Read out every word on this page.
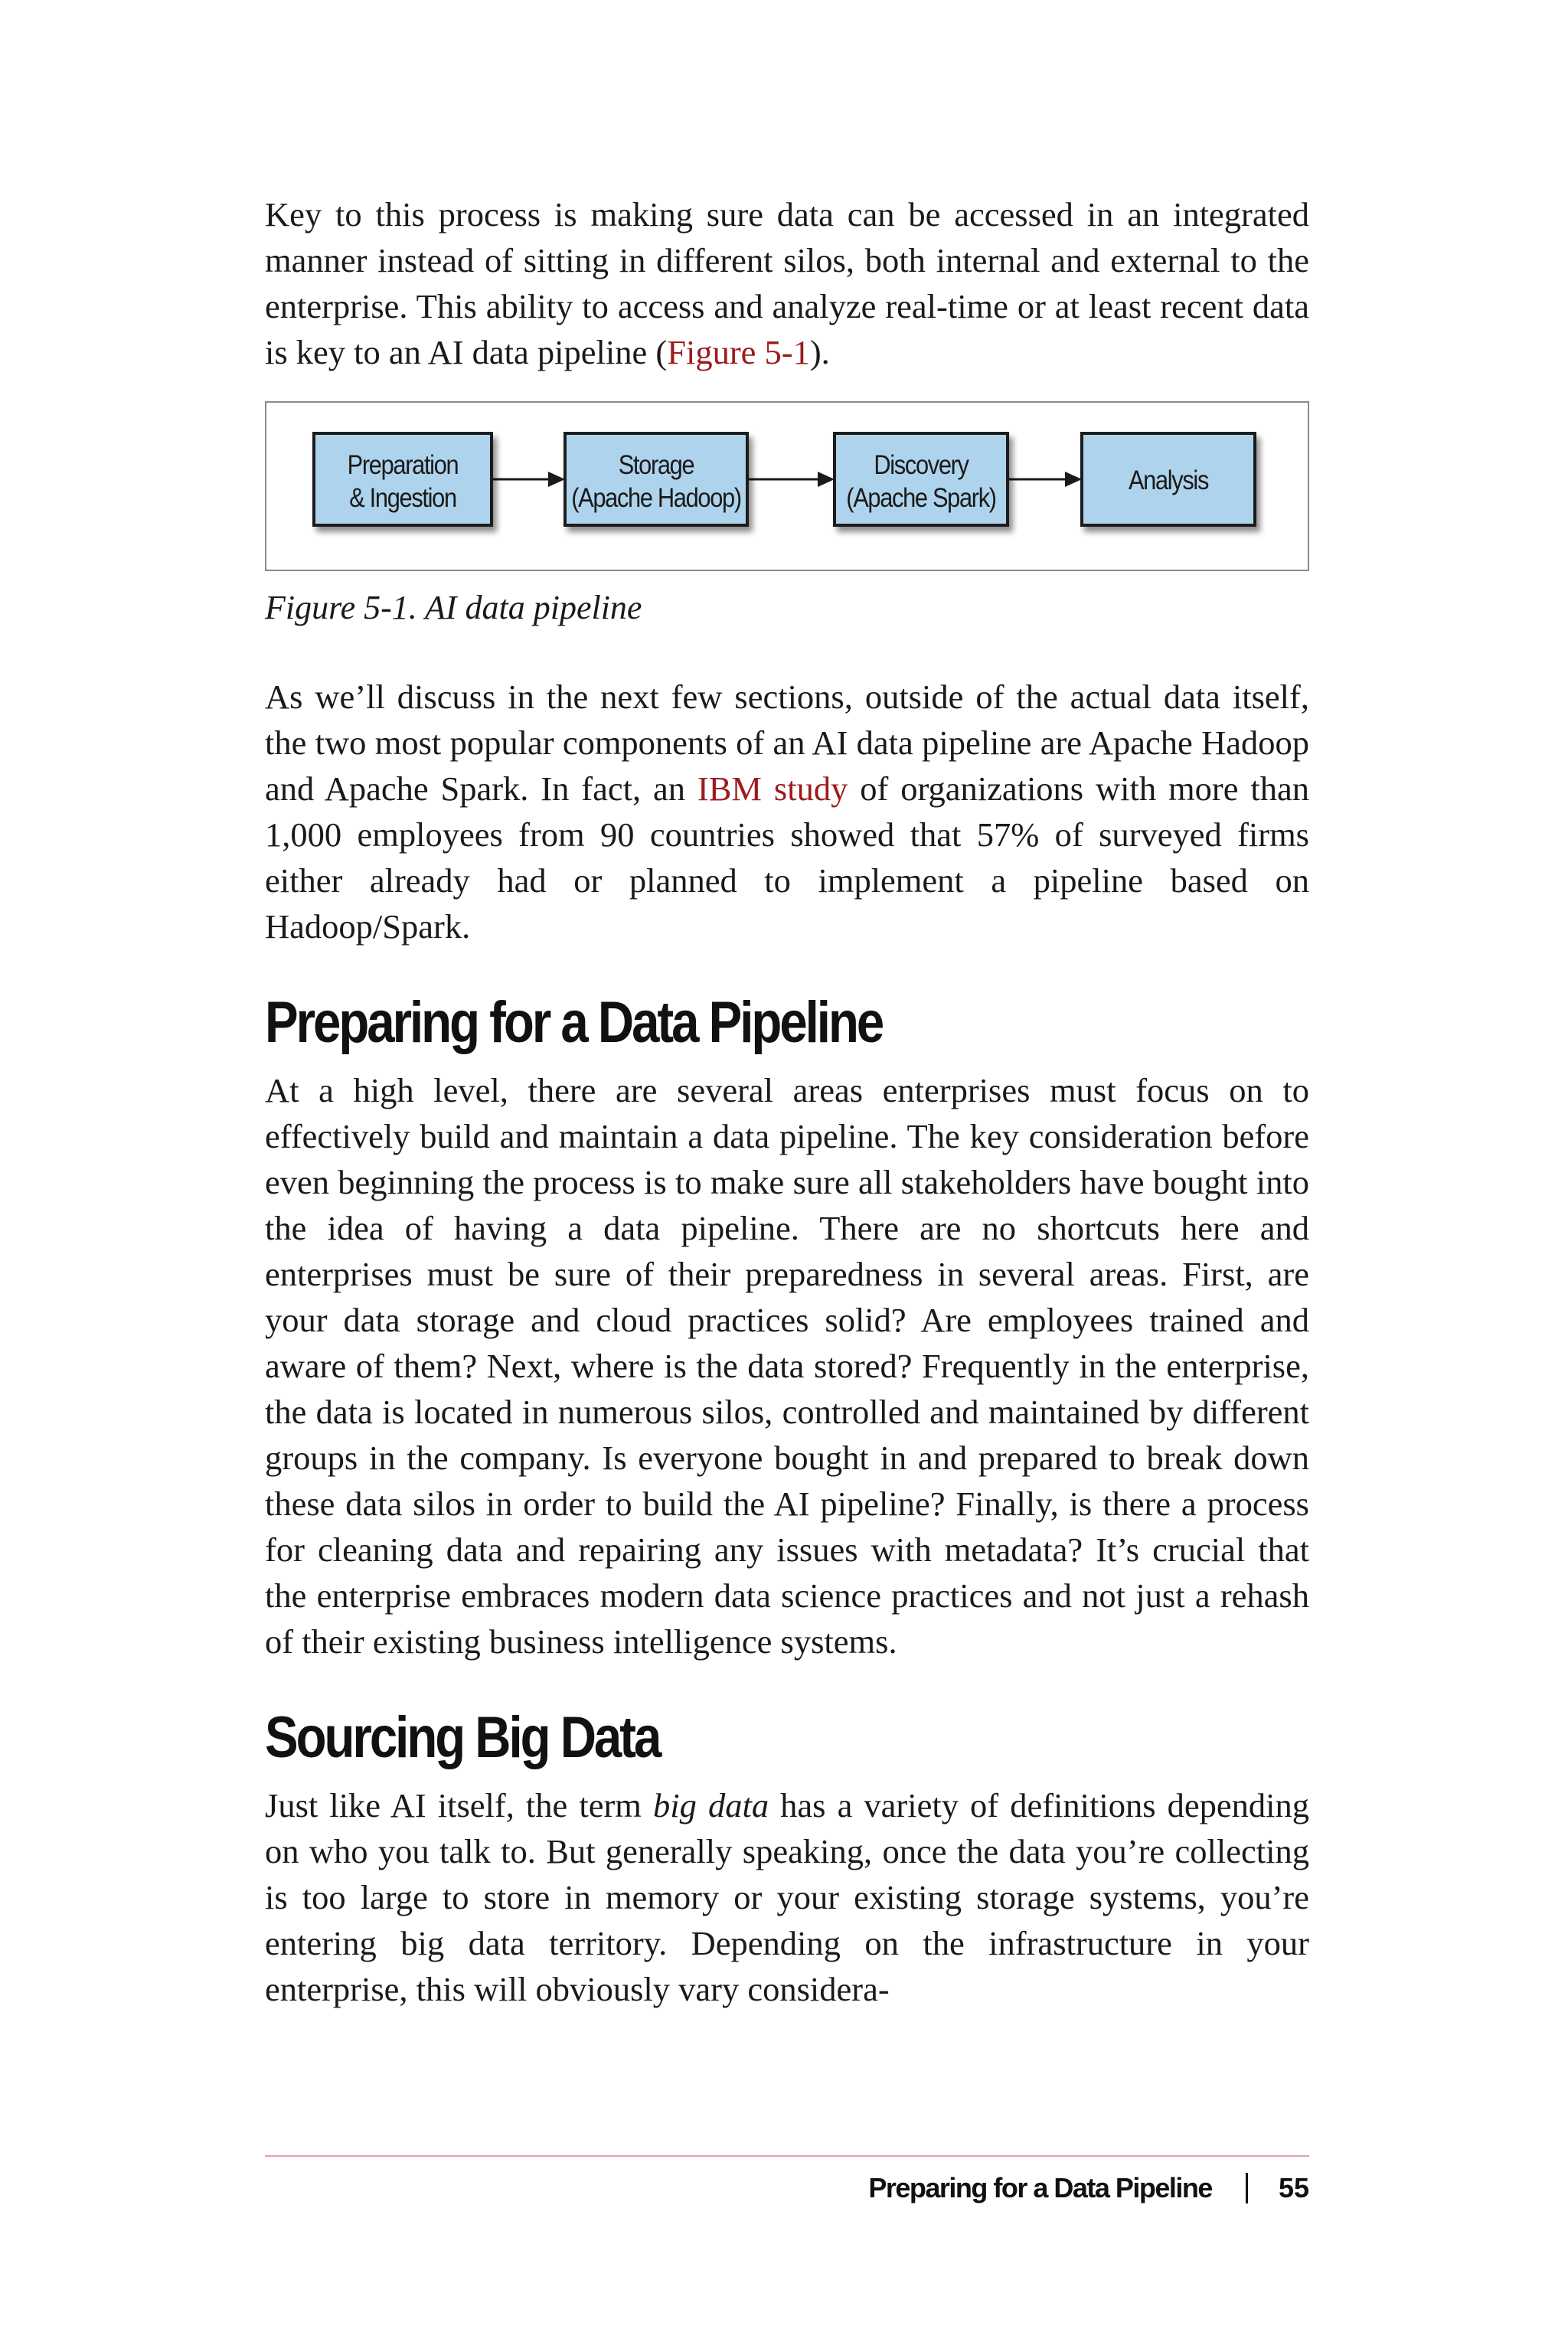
Key to this process is making sure data can be accessed in an integrated manner instead of sitting in different silos, both internal and external to the enterprise. This ability to access and analyze real-time or at least recent data is key to an AI data pipeline (Figure 5-1).

Preparation
& Ingestion
Storage
(Apache Hadoop)
Discovery
(Apache Spark)
Analysis

Figure 5-1. AI data pipeline

As we’ll discuss in the next few sections, outside of the actual data itself, the two most popular components of an AI data pipeline are Apache Hadoop and Apache Spark. In fact, an IBM study of organizations with more than 1,000 employees from 90 countries showed that 57% of surveyed firms either already had or planned to implement a pipeline based on Hadoop/Spark.

Preparing for a Data Pipeline

At a high level, there are several areas enterprises must focus on to effectively build and maintain a data pipeline. The key consideration before even beginning the process is to make sure all stakeholders have bought into the idea of having a data pipeline. There are no shortcuts here and enterprises must be sure of their preparedness in several areas. First, are your data storage and cloud practices solid? Are employees trained and aware of them? Next, where is the data stored? Frequently in the enterprise, the data is located in numerous silos, controlled and maintained by different groups in the company. Is everyone bought in and prepared to break down these data silos in order to build the AI pipeline? Finally, is there a process for cleaning data and repairing any issues with metadata? It’s crucial that the enterprise embraces modern data science practices and not just a rehash of their existing business intelligence systems.

Sourcing Big Data

Just like AI itself, the term big data has a variety of definitions depending on who you talk to. But generally speaking, once the data you’re collecting is too large to store in memory or your existing storage systems, you’re entering big data territory. Depending on the infrastructure in your enterprise, this will obviously vary considera-

Preparing for a Data Pipeline 55
